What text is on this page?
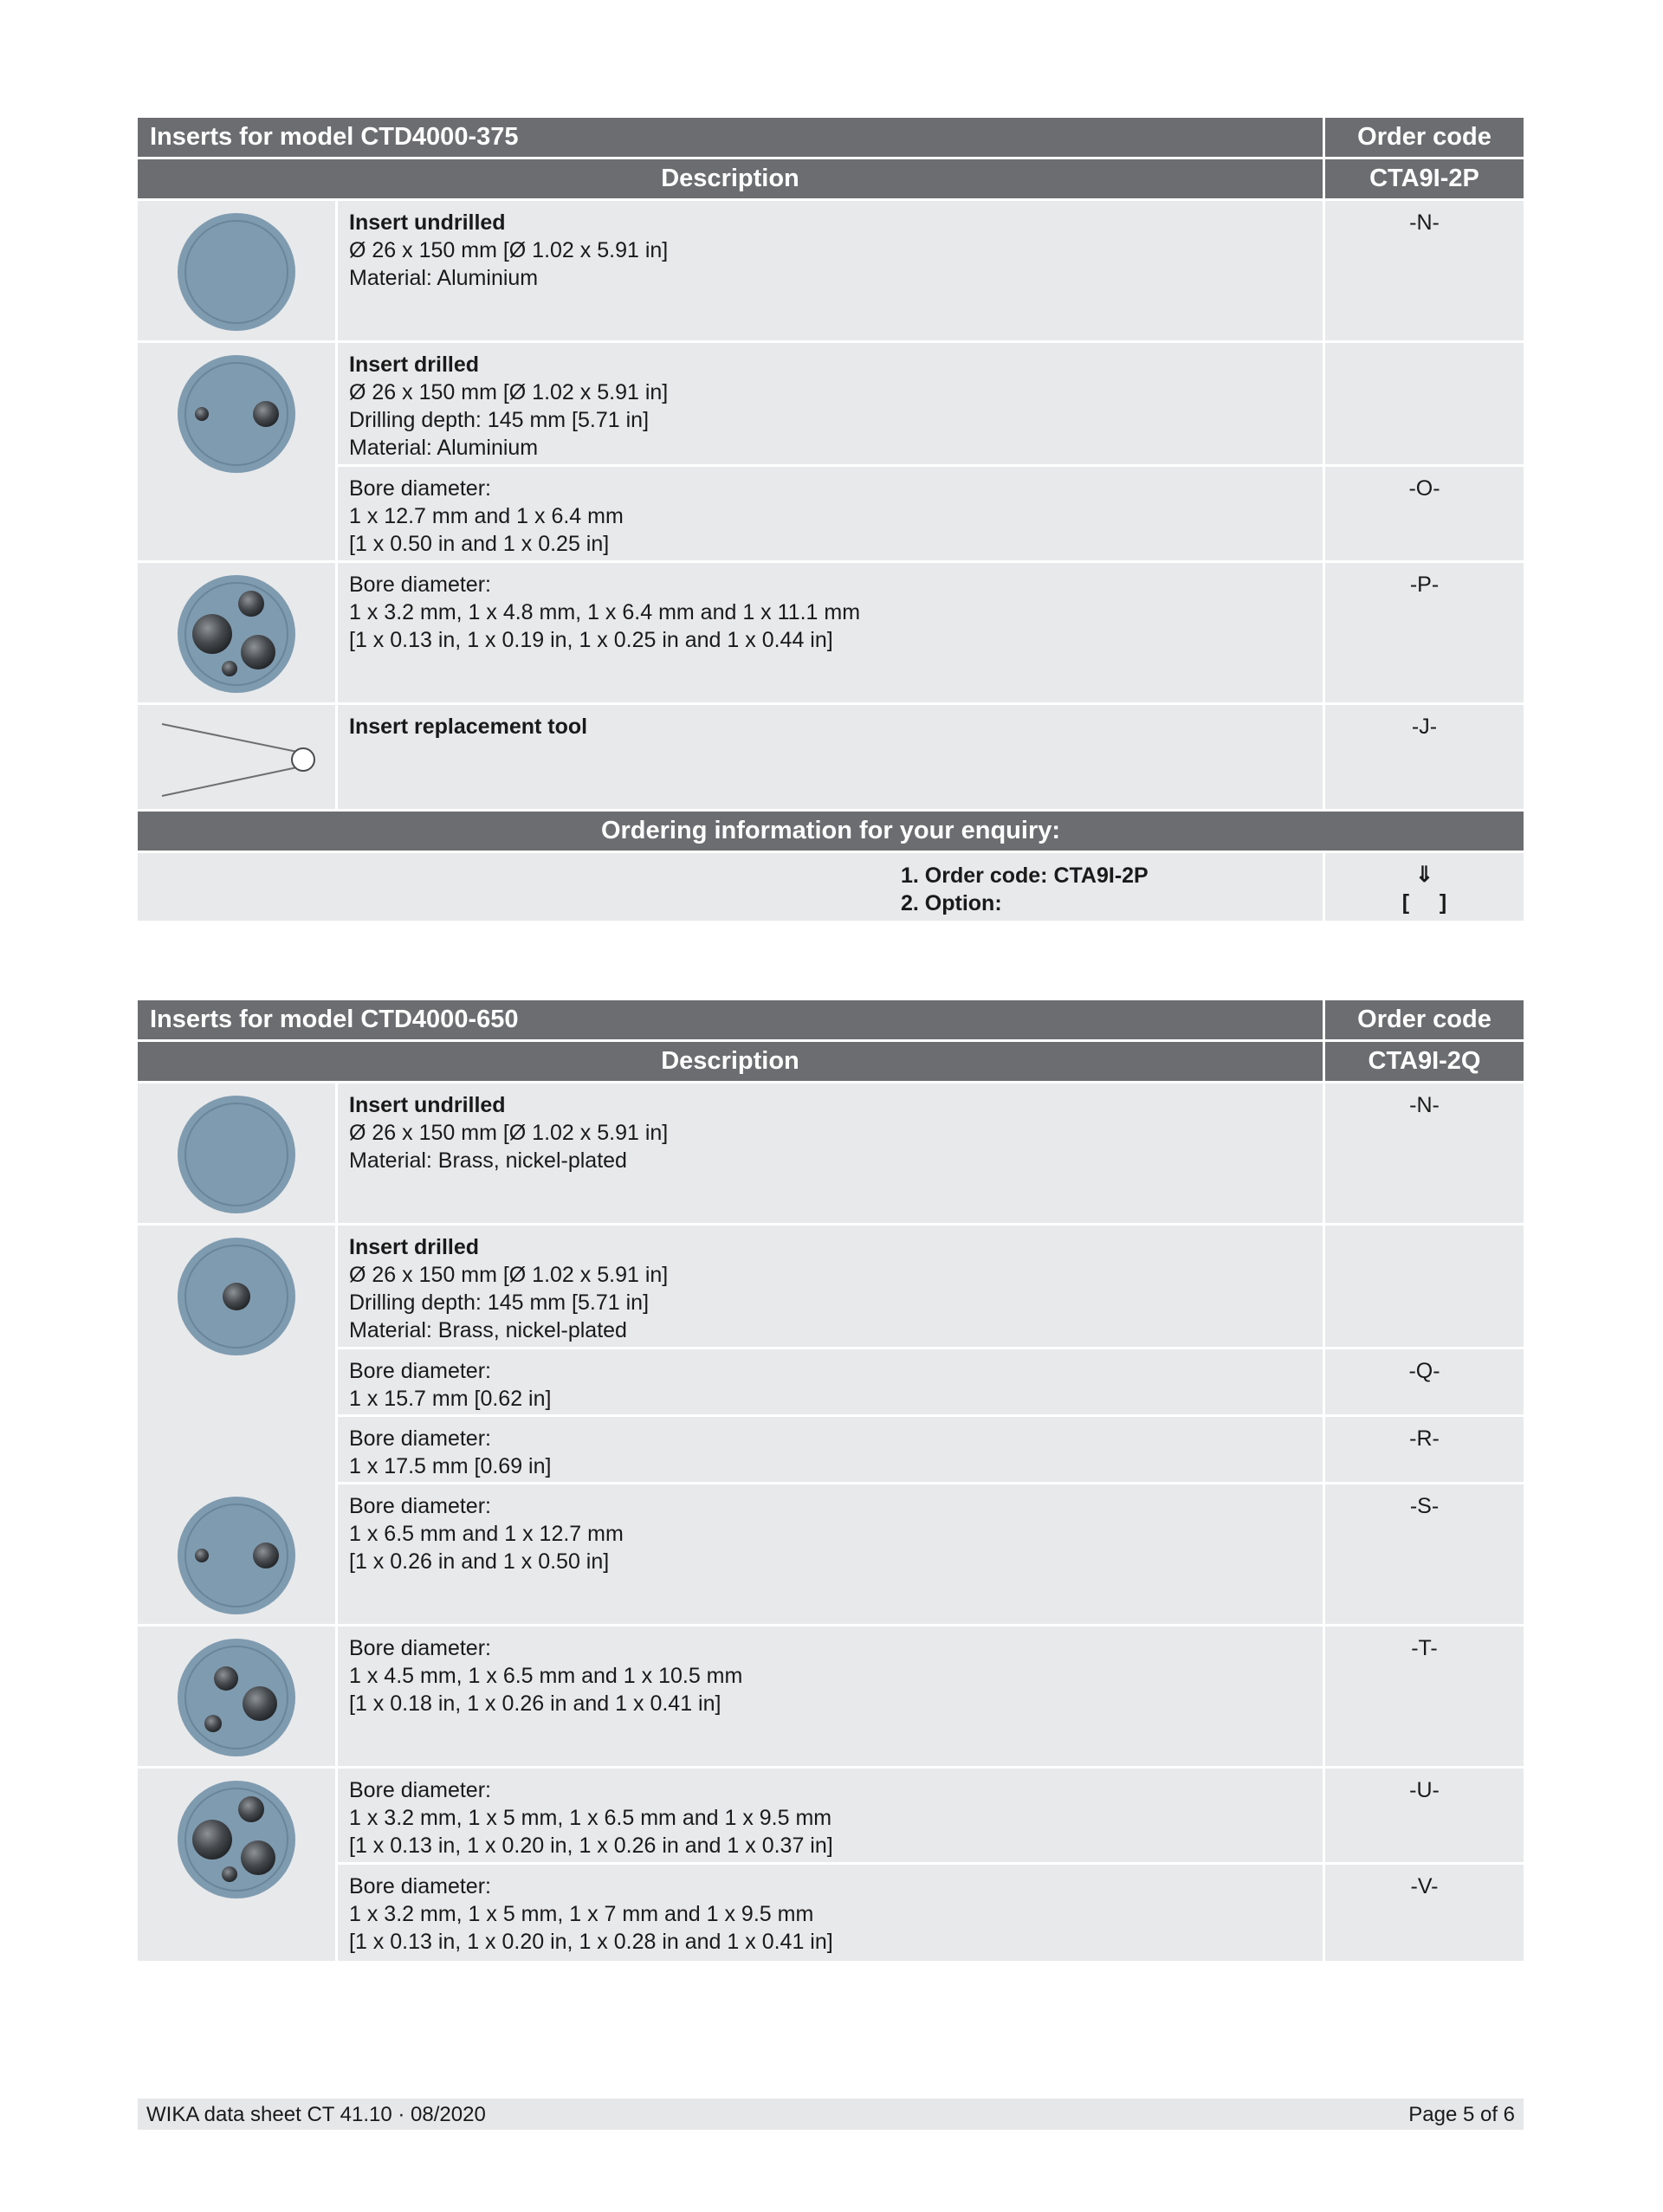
Inserts for model CTD4000-375	Order code
Description	CTA9I-2P
Insert undrilled
Ø 26 x 150 mm [Ø 1.02 x 5.91 in]
Material: Aluminium
-N-
Insert drilled
Ø 26 x 150 mm [Ø 1.02 x 5.91 in]
Drilling depth: 145 mm [5.71 in]
Material: Aluminium
Bore diameter:
1 x 12.7 mm and 1 x 6.4 mm
[1 x 0.50 in and 1 x 0.25 in]
-O-
Bore diameter:
1 x 3.2 mm, 1 x 4.8 mm, 1 x 6.4 mm and 1 x 11.1 mm
[1 x 0.13 in, 1 x 0.19 in, 1 x 0.25 in and 1 x 0.44 in]
-P-
Insert replacement tool	-J-
Ordering information for your enquiry:
1. Order code: CTA9I-2P
2. Option:
⇓
[     ]
Inserts for model CTD4000-650	Order code
Description	CTA9I-2Q
Insert undrilled
Ø 26 x 150 mm [Ø 1.02 x 5.91 in]
Material: Brass, nickel-plated
-N-
Insert drilled
Ø 26 x 150 mm [Ø 1.02 x 5.91 in]
Drilling depth: 145 mm [5.71 in]
Material: Brass, nickel-plated
Bore diameter:
1 x 15.7 mm [0.62 in]
-Q-
Bore diameter:
1 x 17.5 mm [0.69 in]
-R-
Bore diameter:
1 x 6.5 mm and 1 x 12.7 mm
[1 x 0.26 in and 1 x 0.50 in]
-S-
Bore diameter:
1 x 4.5 mm, 1 x 6.5 mm and 1 x 10.5 mm
[1 x 0.18 in, 1 x 0.26 in and 1 x 0.41 in]
-T-
Bore diameter:
1 x 3.2 mm, 1 x 5 mm, 1 x 6.5 mm and 1 x 9.5 mm
[1 x 0.13 in, 1 x 0.20 in, 1 x 0.26 in and 1 x 0.37 in]
-U-
Bore diameter:
1 x 3.2 mm, 1 x 5 mm, 1 x 7 mm and 1 x 9.5 mm
[1 x 0.13 in, 1 x 0.20 in, 1 x 0.28 in and 1 x 0.41 in]
-V-
WIKA data sheet CT 41.10 · 08/2020	Page 5 of 6
